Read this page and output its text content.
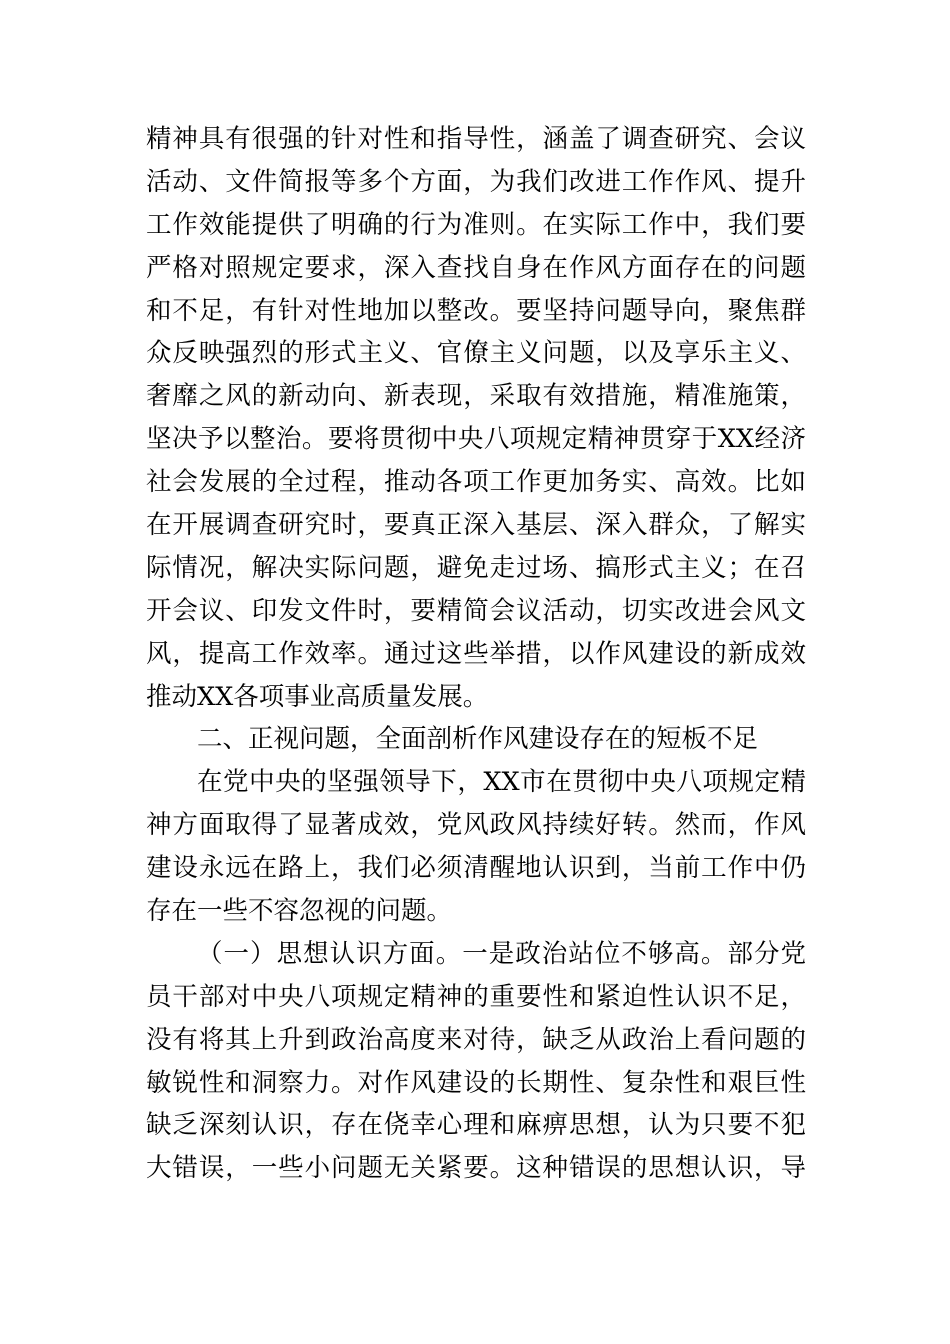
精神具有很强的针对性和指导性，涵盖了调查研究、会议
活动、文件简报等多个方面，为我们改进工作作风、提升
工作效能提供了明确的行为准则。在实际工作中，我们要
严格对照规定要求，深入查找自身在作风方面存在的问题
和不足，有针对性地加以整改。要坚持问题导向，聚焦群
众反映强烈的形式主义、官僚主义问题，以及享乐主义、
奢靡之风的新动向、新表现，采取有效措施，精准施策，
坚决予以整治。要将贯彻中央八项规定精神贯穿于XX经济
社会发展的全过程，推动各项工作更加务实、高效。比如
在开展调查研究时，要真正深入基层、深入群众，了解实
际情况，解决实际问题，避免走过场、搞形式主义；在召
开会议、印发文件时，要精简会议活动，切实改进会风文
风，提高工作效率。通过这些举措，以作风建设的新成效
推动XX各项事业高质量发展。
二、正视问题，全面剖析作风建设存在的短板不足
在党中央的坚强领导下，XX市在贯彻中央八项规定精
神方面取得了显著成效，党风政风持续好转。然而，作风
建设永远在路上，我们必须清醒地认识到，当前工作中仍
存在一些不容忽视的问题。
（一）思想认识方面。一是政治站位不够高。部分党
员干部对中央八项规定精神的重要性和紧迫性认识不足，
没有将其上升到政治高度来对待，缺乏从政治上看问题的
敏锐性和洞察力。对作风建设的长期性、复杂性和艰巨性
缺乏深刻认识，存在侥幸心理和麻痹思想，认为只要不犯
大错误，一些小问题无关紧要。这种错误的思想认识，导
